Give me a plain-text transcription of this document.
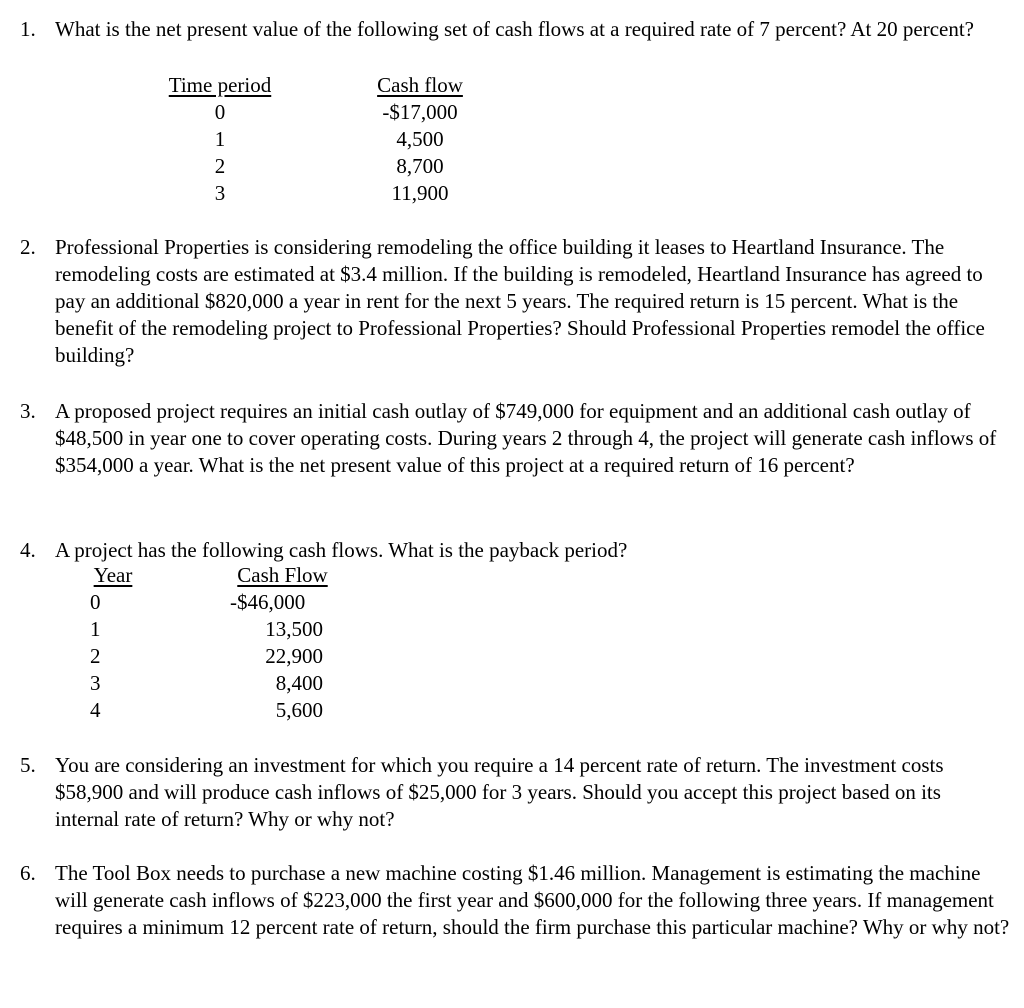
1. What is the net present value of the following set of cash flows at a required rate of 7 percent? At 20 percent?
Time period
0
1
2
3
Cash flow
-$17,000
4,500
8,700
11,900
2. Professional Properties is considering remodeling the office building it leases to Heartland Insurance. The remodeling costs are estimated at $3.4 million. If the building is remodeled, Heartland Insurance has agreed to pay an additional $820,000 a year in rent for the next 5 years. The required return is 15 percent. What is the benefit of the remodeling project to Professional Properties? Should Professional Properties remodel the office building?
3. A proposed project requires an initial cash outlay of $749,000 for equipment and an additional cash outlay of $48,500 in year one to cover operating costs. During years 2 through 4, the project will generate cash inflows of $354,000 a year. What is the net present value of this project at a required return of 16 percent?
4. A project has the following cash flows. What is the payback period?
Year
0
1
2
3
4
Cash Flow
-$46,000
13,500
22,900
8,400
5,600
5. You are considering an investment for which you require a 14 percent rate of return. The investment costs $58,900 and will produce cash inflows of $25,000 for 3 years. Should you accept this project based on its internal rate of return? Why or why not?
6. The Tool Box needs to purchase a new machine costing $1.46 million. Management is estimating the machine will generate cash inflows of $223,000 the first year and $600,000 for the following three years. If management requires a minimum 12 percent rate of return, should the firm purchase this particular machine? Why or why not?
